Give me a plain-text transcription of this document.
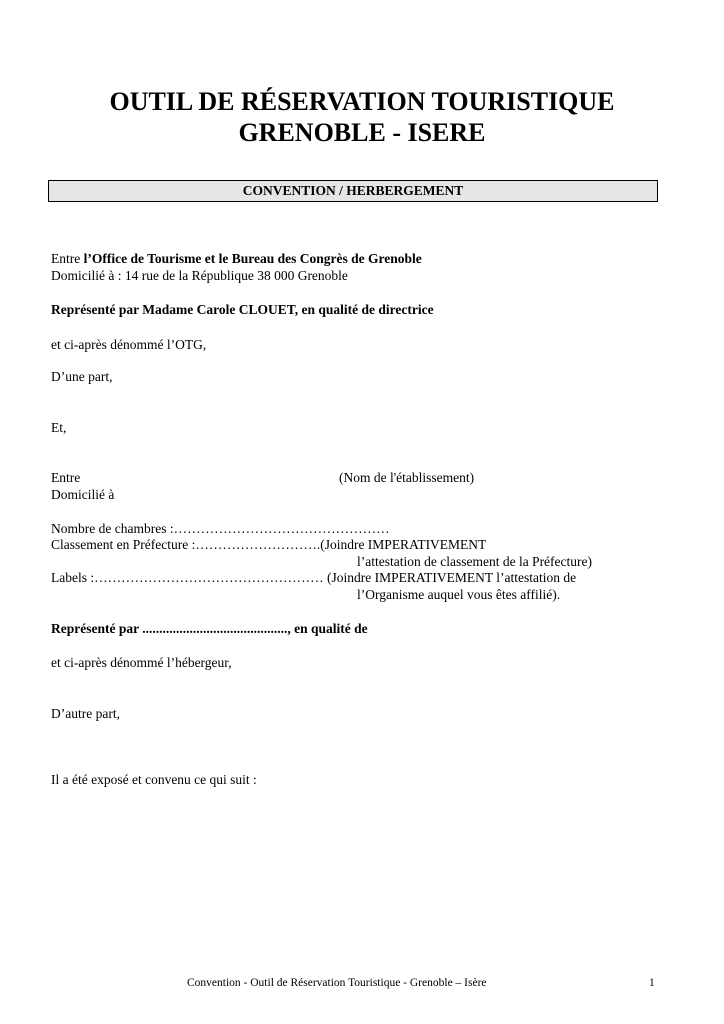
OUTIL DE RÉSERVATION TOURISTIQUE
GRENOBLE - ISERE
CONVENTION / HERBERGEMENT
Entre l’Office de Tourisme et le Bureau des Congrès de Grenoble
Domicilié à : 14 rue de la République 38 000 Grenoble
Représenté par Madame Carole CLOUET, en qualité de directrice
et ci-après dénommé l’OTG,
D’une part,
Et,
Entre	(Nom de l'établissement)
Domicilié à
Nombre de chambres :…………………………………………
Classement en Préfecture :……………………….(Joindre IMPERATIVEMENT
l’attestation de classement de la Préfecture)
Labels :…………………………………………… (Joindre IMPERATIVEMENT l’attestation de
l’Organisme auquel vous êtes affilié).
Représenté par ..........................................., en qualité de
et ci-après dénommé l’hébergeur,
D’autre part,
Il a été exposé et convenu ce qui suit :
Convention - Outil de Réservation Touristique - Grenoble – Isère	1
